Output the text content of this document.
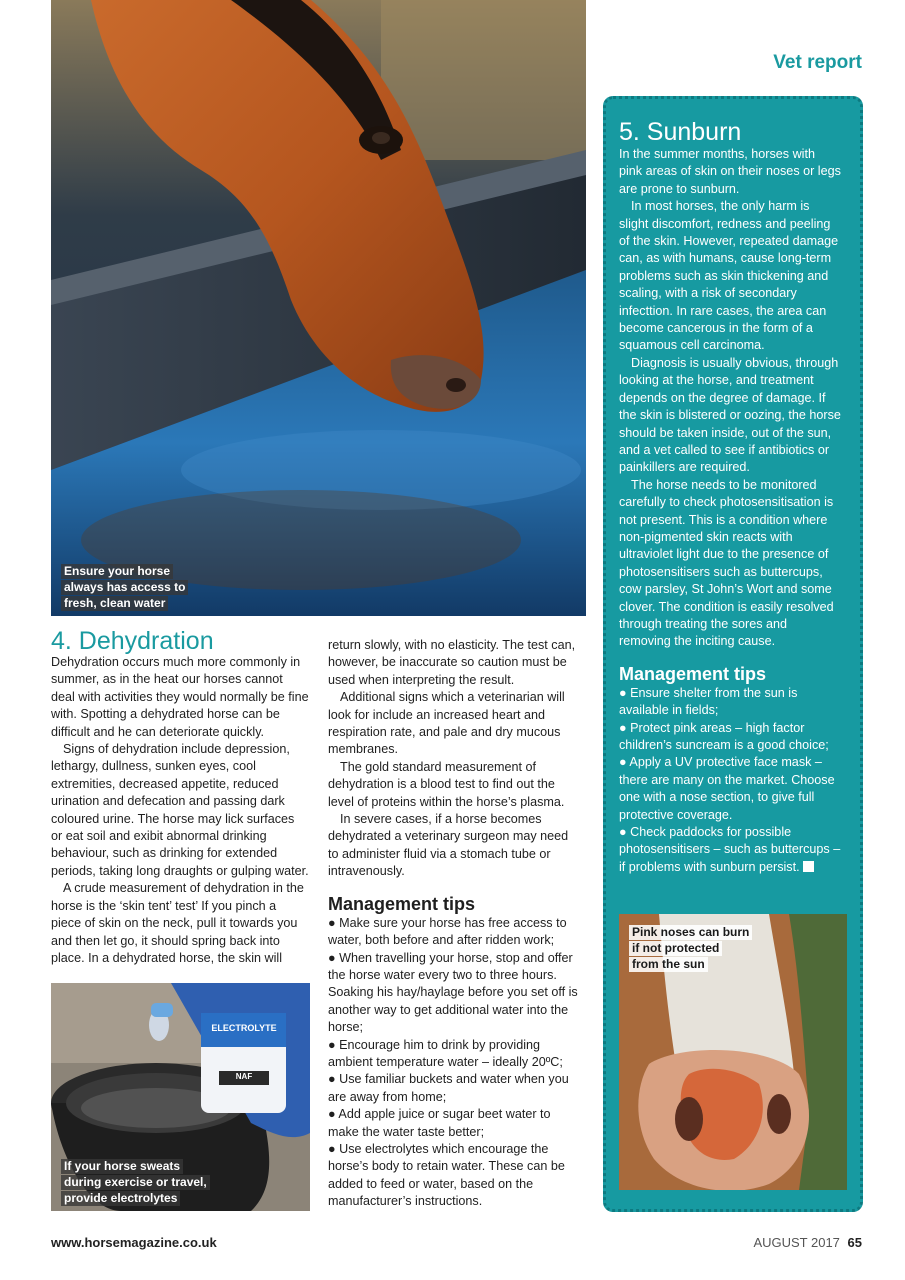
Vet report
Ensure your horse
always has access to
fresh, clean water
4. Dehydration

Dehydration occurs much more commonly in summer, as in the heat our horses cannot deal with activities they would normally be fine with. Spotting a dehydrated horse can be difficult and he can deteriorate quickly.

Signs of dehydration include depression, lethargy, dullness, sunken eyes, cool extremities, decreased appetite, reduced urination and defecation and passing dark coloured urine. The horse may lick surfaces or eat soil and exibit abnormal drinking behaviour, such as drinking for extended periods, taking long draughts or gulping water.

A crude measurement of dehydration in the horse is the ‘skin tent’ test’ If you pinch a piece of skin on the neck, pull it towards you and then let go, it should spring back into place. In a dehydrated horse, the skin will

return slowly, with no elasticity. The test can, however, be inaccurate so caution must be used when interpreting the result.

Additional signs which a veterinarian will look for include an increased heart and respiration rate, and pale and dry mucous membranes.

The gold standard measurement of dehydration is a blood test to find out the level of proteins within the horse’s plasma.

In severe cases, if a horse becomes dehydrated a veterinary surgeon may need to administer fluid via a stomach tube or intravenously.

Management tips

● Make sure your horse has free access to water, both before and after ridden work;

● When travelling your horse, stop and offer the horse water every two to three hours. Soaking his hay/haylage before you set off is another way to get additional water into the horse;

● Encourage him to drink by providing ambient temperature water – ideally 20ºC;

● Use familiar buckets and water when you are away from home;

● Add apple juice or sugar beet water to make the water taste better;

● Use electrolytes which encourage the horse’s body to retain water. These can be added to feed or water, based on the manufacturer’s instructions.

ELECTROLYTE
NAF
If your horse sweats
during exercise or travel,
provide electrolytes
5. Sunburn

In the summer months, horses with pink areas of skin on their noses or legs are prone to sunburn.

In most horses, the only harm is slight discomfort, redness and peeling of the skin. However, repeated damage can, as with humans, cause long-term problems such as skin thickening and scaling, with a risk of secondary infecttion. In rare cases, the area can become cancerous in the form of a squamous cell carcinoma.

Diagnosis is usually obvious, through looking at the horse, and treatment depends on the degree of damage. If the skin is blistered or oozing, the horse should be taken inside, out of the sun, and a vet called to see if antibiotics or painkillers are required.

The horse needs to be monitored carefully to check photosensitisation is not present. This is a condition where non-pigmented skin reacts with ultraviolet light due to the presence of photosensitisers such as buttercups, cow parsley, St John’s Wort and some clover. The condition is easily resolved through treating the sores and removing the inciting cause.

Management tips

● Ensure shelter from the sun is available in fields;

● Protect pink areas – high factor children’s suncream is a good choice;

● Apply a UV protective face mask – there are many on the market. Choose one with a nose section, to give full protective coverage.

● Check paddocks for possible photosensitisers – such as buttercups – if problems with sunburn persist.

Pink noses can burn
if not protected
from the sun
www.horsemagazine.co.uk	AUGUST 2017 65
